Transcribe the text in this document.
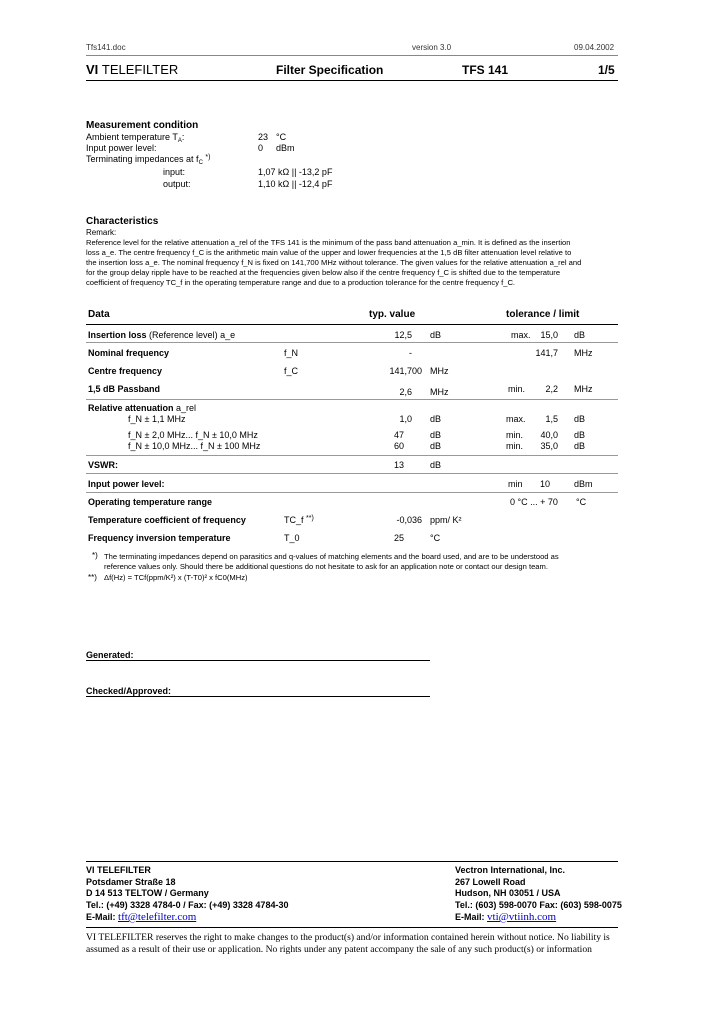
Tfs141.doc	version 3.0	09.04.2002
VI TELEFILTER	Filter Specification	TFS 141	1/5
Measurement condition
Ambient temperature $T_A$:	23 °C
Input power level:	0 dBm
Terminating impedances at $f_C$ *)
input:	1,07 kΩ || -13,2 pF
output:	1,10 kΩ || -12,4 pF
Characteristics
Remark:
Reference level for the relative attenuation a_rel of the TFS 141 is the minimum of the pass band attenuation a_min. It is defined as the insertion
loss a_e. The centre frequency f_C is the arithmetic main value of the upper and lower frequencies at the 1,5 dB filter attenuation level relative to
the insertion loss a_e. The nominal frequency f_N is fixed on 141,700 MHz without tolerance. The given values for the relative attenuation a_rel and
for the group delay ripple have to be reached at the frequencies given below also if the centre frequency f_C is shifted due to the temperature
coefficient of frequency TC_f in the operating temperature range and due to a production tolerance for the centre frequency f_C.
Data	typ. value	tolerance / limit
Insertion loss (Reference level) a_e	12,5 dB	max.	15,0 dB
Nominal frequency	f_N	-	141,7 MHz
Centre frequency	f_C	141,700 MHz
1,5 dB Passband	2,6 MHz	min.	2,2 MHz
Relative attenuation a_rel
f_N ± 1,1 MHz	1,0 dB	max.	1,5 dB
f_N ± 2,0 MHz... f_N ± 10,0 MHz	47	dB	min.	40,0 dB
f_N ± 10,0 MHz... f_N ± 100 MHz	60	dB	min.	35,0 dB
VSWR:	13	dB
Input power level:	min	10	dBm
Operating temperature range	0 °C ... + 70 °C
Temperature coefficient of frequency	TC_f **)	-0,036 ppm/ K²
Frequency inversion temperature	T_0	25	°C
*) The terminating impedances depend on parasitics and q-values of matching elements and the board used, and are to be understood as
reference values only. Should there be additional questions do not hesitate to ask for an application note or contact our design team.
**) Δf(Hz) = TCf(ppm/K²) x (T-T0)² x fC0(MHz)
Generated:
Checked/Approved:
VI TELEFILTER
Potsdamer Straße 18
D 14 513 TELTOW / Germany
Tel.: (+49) 3328 4784-0 / Fax: (+49) 3328 4784-30
E-Mail: tft@telefilter.com
Vectron International, Inc.
267 Lowell Road
Hudson, NH 03051 / USA
Tel.: (603) 598-0070 Fax: (603) 598-0075
E-Mail: vti@vtiinh.com
VI TELEFILTER reserves the right to make changes to the product(s) and/or information contained herein without notice. No liability is
assumed as a result of their use or application. No rights under any patent accompany the sale of any such product(s) or information
